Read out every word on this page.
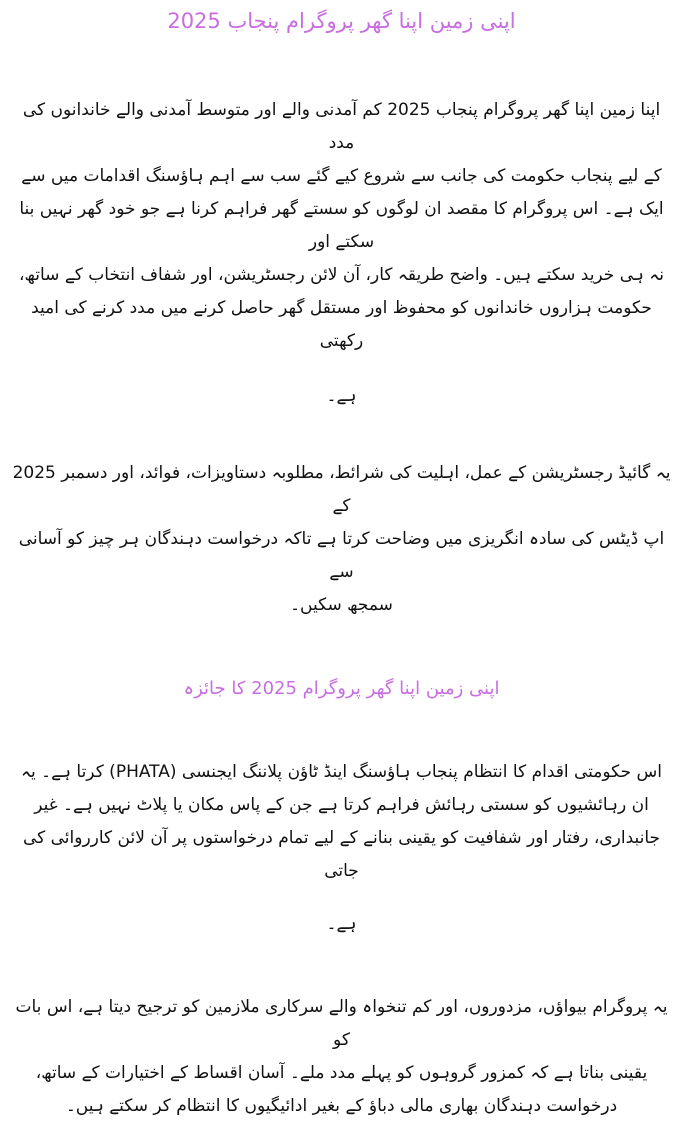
اپنی زمین اپنا گھر پروگرام پنجاب 2025
اپنا زمین اپنا گھر پروگرام پنجاب 2025 کم آمدنی والے اور متوسط آمدنی والے خاندانوں کی مدد
کے لیے پنجاب حکومت کی جانب سے شروع کیے گئے سب سے اہم ہاؤسنگ اقدامات میں سے
ایک ہے۔ اس پروگرام کا مقصد ان لوگوں کو سستے گھر فراہم کرنا ہے جو خود گھر نہیں بنا سکتے اور
نہ ہی خرید سکتے ہیں۔ واضح طریقہ کار، آن لائن رجسٹریشن، اور شفاف انتخاب کے ساتھ،
حکومت ہزاروں خاندانوں کو محفوظ اور مستقل گھر حاصل کرنے میں مدد کرنے کی امید رکھتی
ہے۔
یہ گائیڈ رجسٹریشن کے عمل، اہلیت کی شرائط، مطلوبہ دستاویزات، فوائد، اور دسمبر 2025 کے
اپ ڈیٹس کی سادہ انگریزی میں وضاحت کرتا ہے تاکہ درخواست دہندگان ہر چیز کو آسانی سے
سمجھ سکیں۔
اپنی زمین اپنا گھر پروگرام 2025 کا جائزہ
اس حکومتی اقدام کا انتظام پنجاب ہاؤسنگ اینڈ ٹاؤن پلاننگ ایجنسی (PHATA) کرتا ہے۔ یہ
ان رہائشیوں کو سستی رہائش فراہم کرتا ہے جن کے پاس مکان یا پلاٹ نہیں ہے۔ غیر
جانبداری، رفتار اور شفافیت کو یقینی بنانے کے لیے تمام درخواستوں پر آن لائن کارروائی کی جاتی
ہے۔
یہ پروگرام بیواؤں، مزدوروں، اور کم تنخواہ والے سرکاری ملازمین کو ترجیح دیتا ہے، اس بات کو
یقینی بناتا ہے کہ کمزور گروہوں کو پہلے مدد ملے۔ آسان اقساط کے اختیارات کے ساتھ،
درخواست دہندگان بھاری مالی دباؤ کے بغیر ادائیگیوں کا انتظام کر سکتے ہیں۔
